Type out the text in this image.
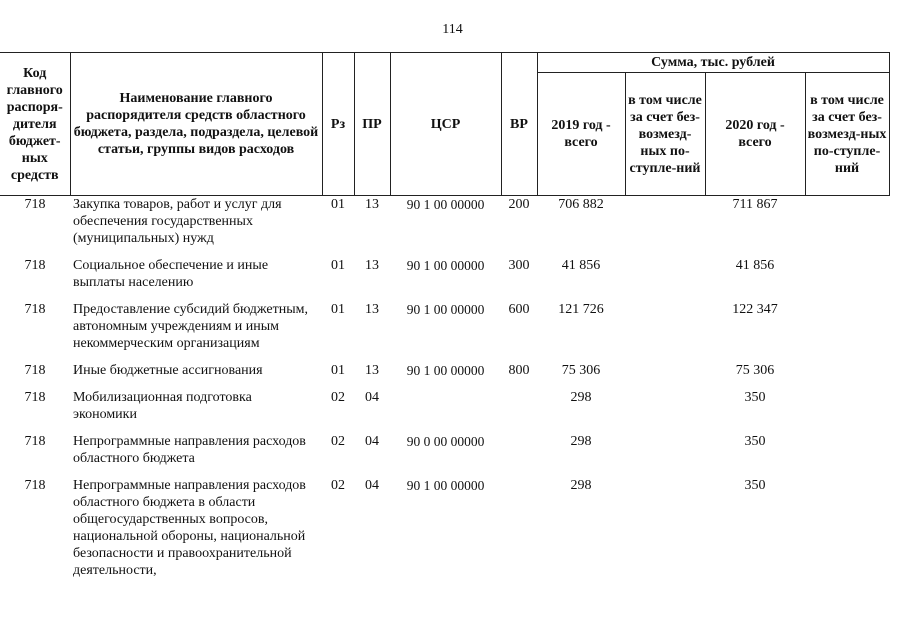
114
Код главного распоря-дителя бюджет-ных средств	Наименование главного распорядителя средств областного бюджета, раздела, подраздела, целевой статьи, группы видов расходов	Рз	ПР	ЦСР	ВР	Сумма, тыс. рублей			
						2019 год - всего	в том числе за счет без-возмезд-ных по-ступле-ний	2020 год - всего	в том числе за счет без-возмезд-ных по-ступле-ний
718	Закупка товаров, работ и услуг для обеспечения государственных (муниципальных) нужд	01	13	90 1 00 00000	200	706 882		711 867	
718	Социальное обеспечение и иные выплаты населению	01	13	90 1 00 00000	300	41 856		41 856	
718	Предоставление субсидий бюджетным, автономным учреждениям и иным некоммерческим организациям	01	13	90 1 00 00000	600	121 726		122 347	
718	Иные бюджетные ассигнования	01	13	90 1 00 00000	800	75 306		75 306	
718	Мобилизационная подготовка экономики	02	04			298		350	
718	Непрограммные направления расходов областного бюджета	02	04	90 0 00 00000		298		350	
718	Непрограммные направления расходов областного бюджета в области общегосударственных вопросов, национальной обороны, национальной безопасности и правоохранительной деятельности,	02	04	90 1 00 00000		298		350	
